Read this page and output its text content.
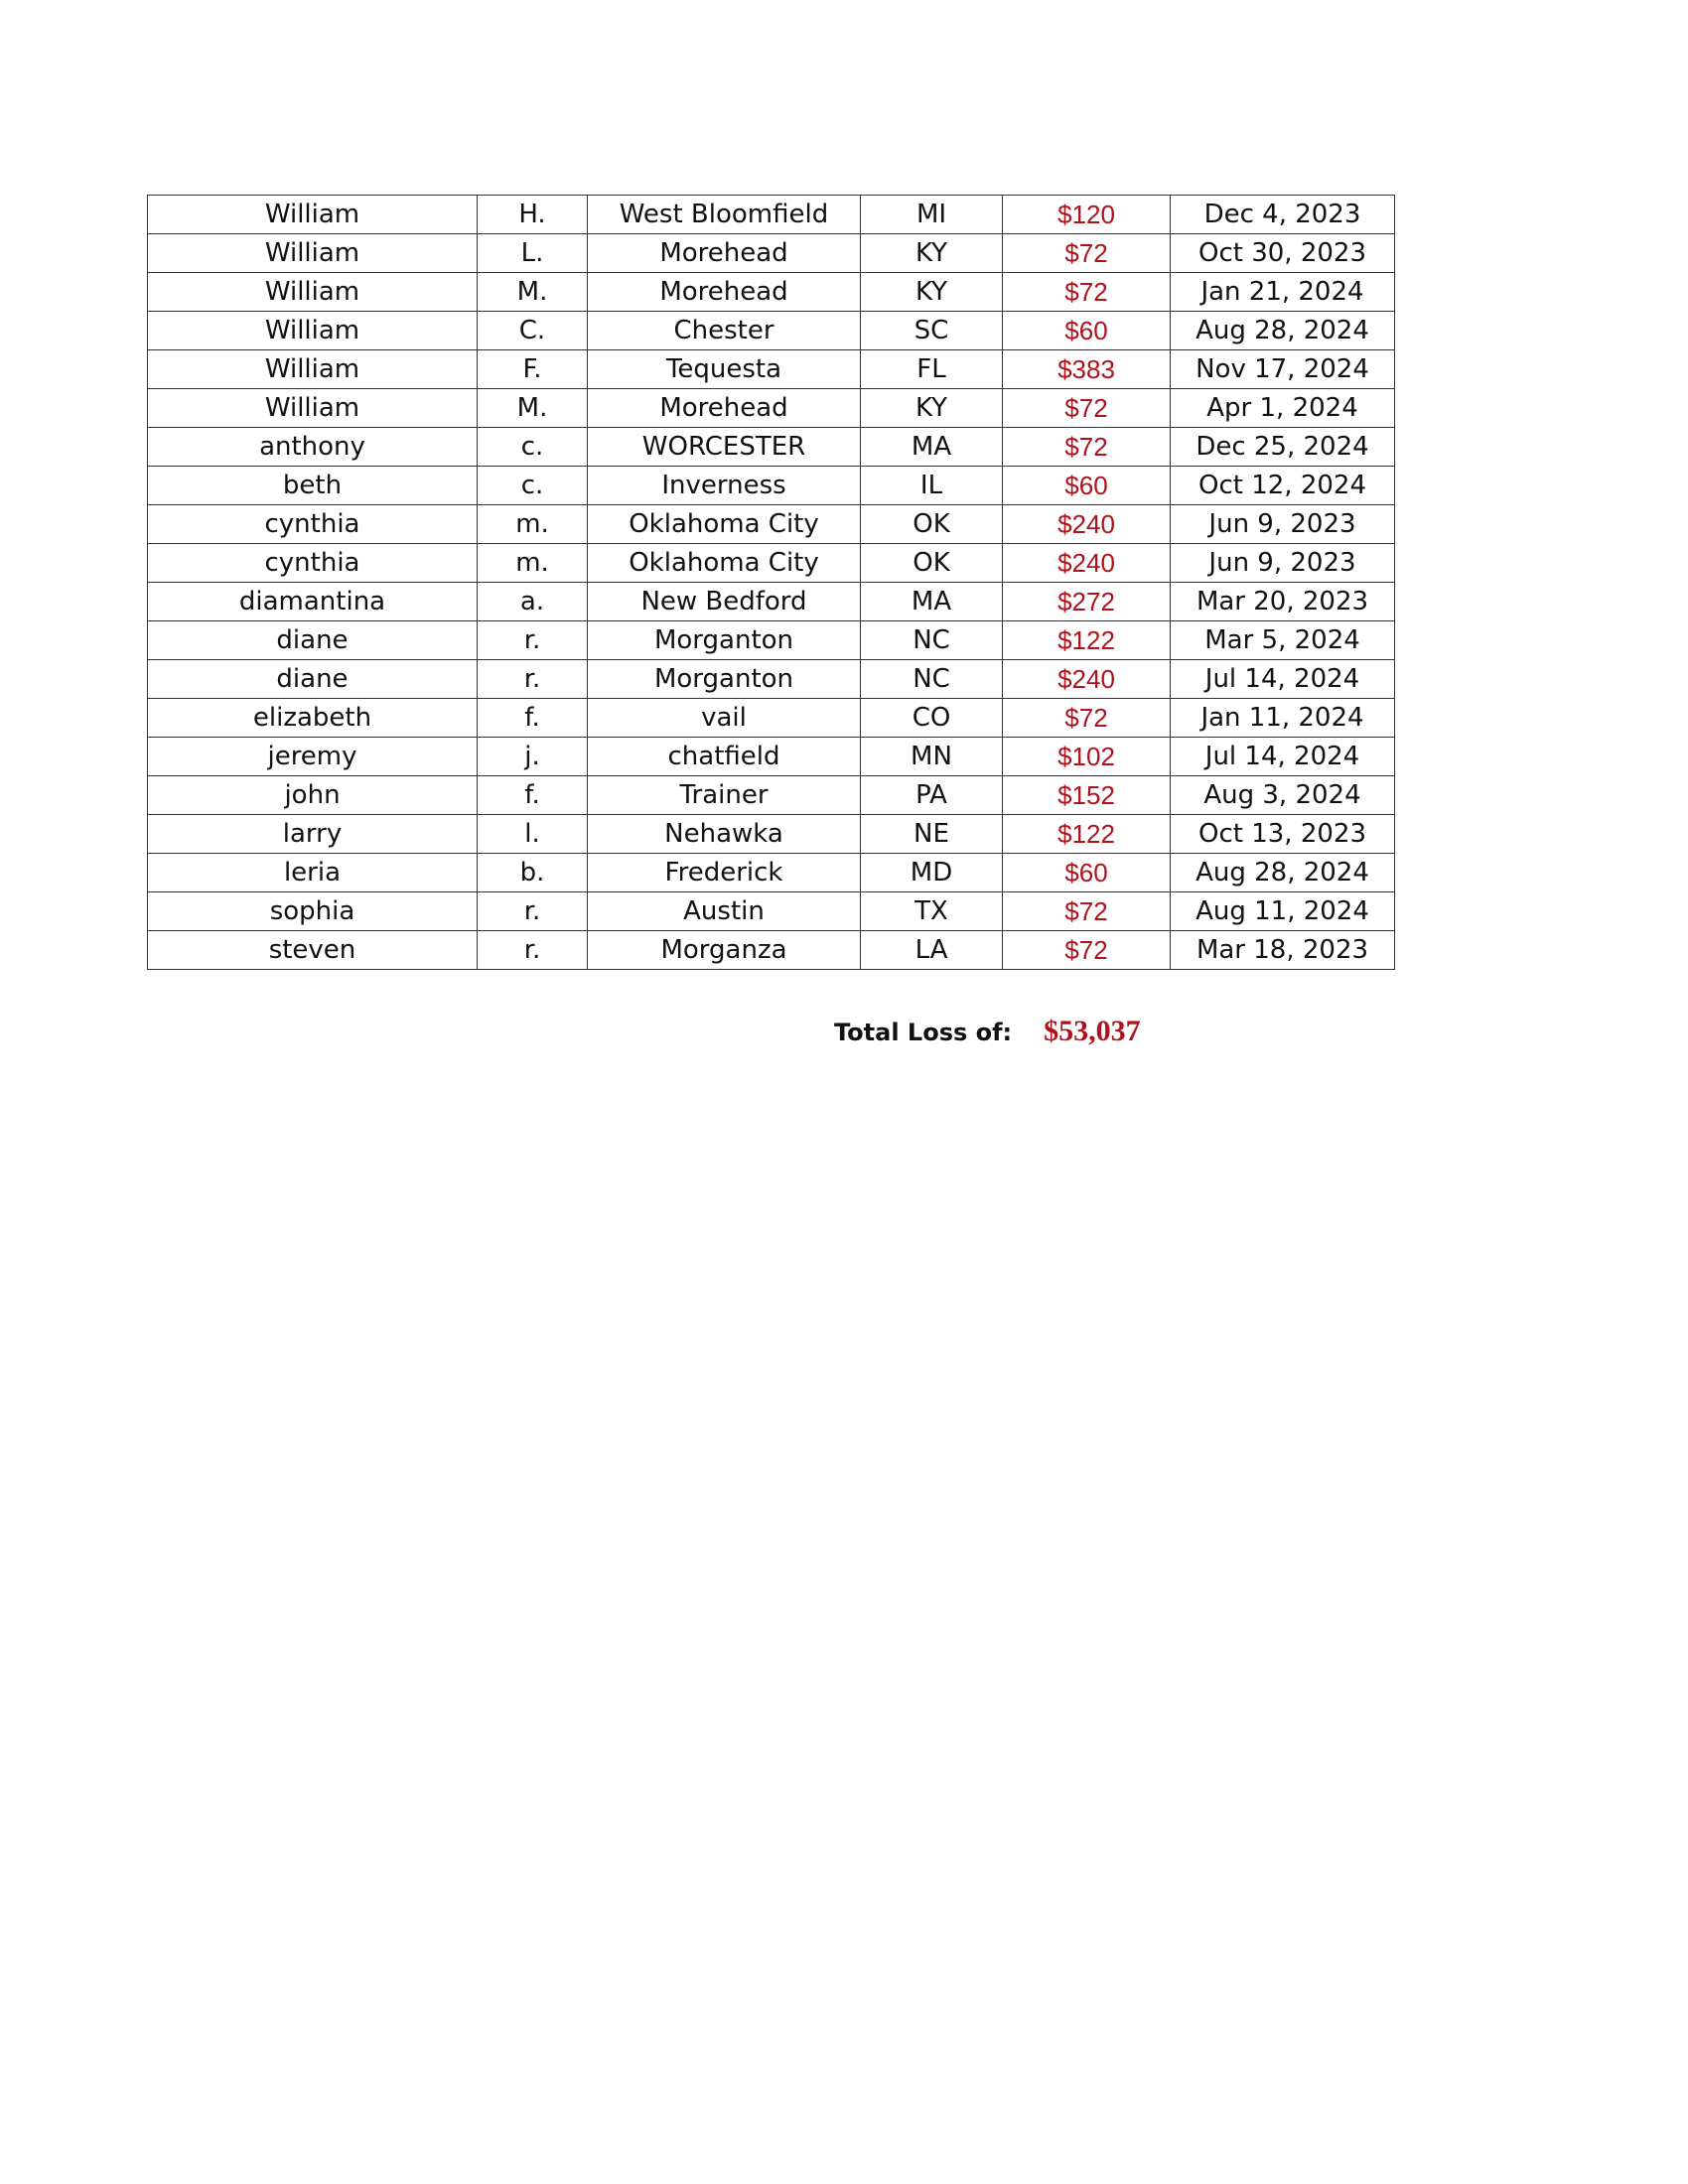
William	H.	West Bloomfield	MI	$120	Dec 4, 2023
William	L.	Morehead	KY	$72	Oct 30, 2023
William	M.	Morehead	KY	$72	Jan 21, 2024
William	C.	Chester	SC	$60	Aug 28, 2024
William	F.	Tequesta	FL	$383	Nov 17, 2024
William	M.	Morehead	KY	$72	Apr 1, 2024
anthony	c.	WORCESTER	MA	$72	Dec 25, 2024
beth	c.	Inverness	IL	$60	Oct 12, 2024
cynthia	m.	Oklahoma City	OK	$240	Jun 9, 2023
cynthia	m.	Oklahoma City	OK	$240	Jun 9, 2023
diamantina	a.	New Bedford	MA	$272	Mar 20, 2023
diane	r.	Morganton	NC	$122	Mar 5, 2024
diane	r.	Morganton	NC	$240	Jul 14, 2024
elizabeth	f.	vail	CO	$72	Jan 11, 2024
jeremy	j.	chatfield	MN	$102	Jul 14, 2024
john	f.	Trainer	PA	$152	Aug 3, 2024
larry	l.	Nehawka	NE	$122	Oct 13, 2023
leria	b.	Frederick	MD	$60	Aug 28, 2024
sophia	r.	Austin	TX	$72	Aug 11, 2024
steven	r.	Morganza	LA	$72	Mar 18, 2023
Total Loss of: $53,037
